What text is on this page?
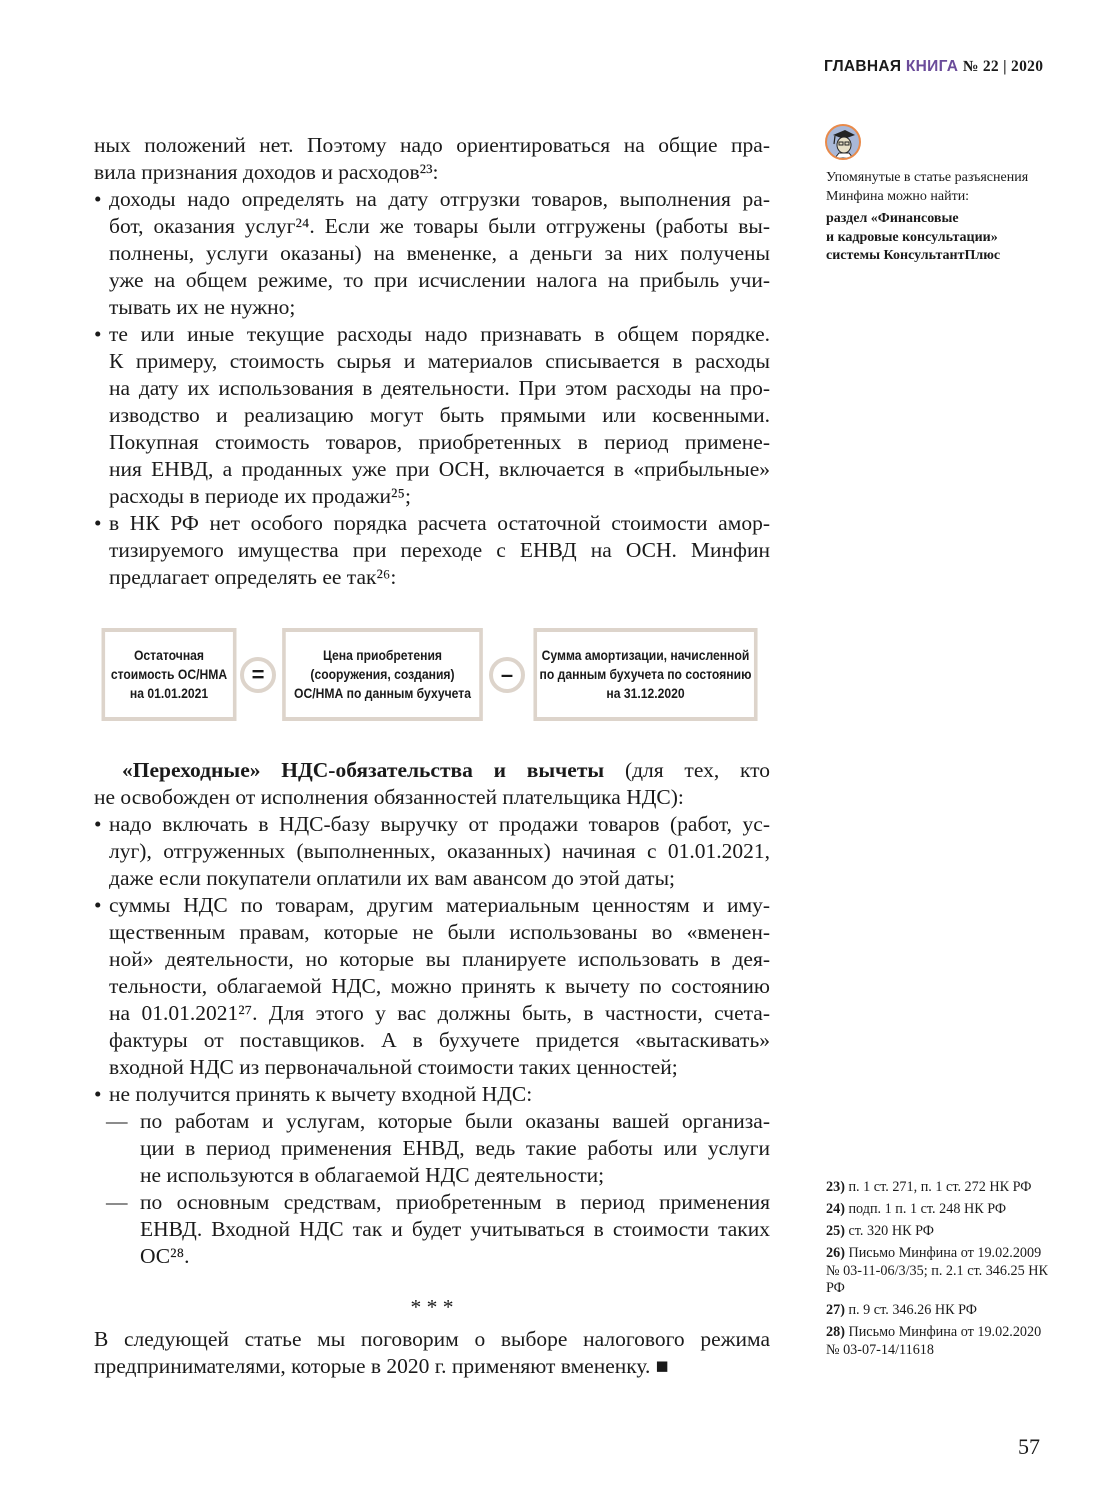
ГЛАВНАЯ КНИГА № 22 | 2020
Упомянутые в статье разъяснения Минфина можно найти:
раздел «Финансовые
и кадровые консультации»
системы КонсультантПлюс
ных положений нет. Поэтому надо ориентироваться на общие пра-
вила признания доходов и расходов²³:
• доходы надо определять на дату отгрузки товаров, выполнения ра-
бот, оказания услуг²⁴. Если же товары были отгружены (работы вы-
полнены, услуги оказаны) на вмененке, а деньги за них получены
уже на общем режиме, то при исчислении налога на прибыль учи-
тывать их не нужно;
• те или иные текущие расходы надо признавать в общем порядке.
К примеру, стоимость сырья и материалов списывается в расходы
на дату их использования в деятельности. При этом расходы на про-
изводство и реализацию могут быть прямыми или косвенными.
Покупная стоимость товаров, приобретенных в период примене-
ния ЕНВД, а проданных уже при ОСН, включается в «прибыльные»
расходы в периоде их продажи²⁵;
• в НК РФ нет особого порядка расчета остаточной стоимости амор-
тизируемого имущества при переходе с ЕНВД на ОСН. Минфин
предлагает определять ее так²⁶:
Остаточная
стоимость ОС/НМА
на 01.01.2021
=
Цена приобретения
(сооружения, создания)
ОС/НМА по данным бухучета
–
Сумма амортизации, начисленной
по данным бухучета по состоянию
на 31.12.2020
«Переходные» НДС-обязательства и вычеты (для тех, кто
не освобожден от исполнения обязанностей плательщика НДС):
• надо включать в НДС-базу выручку от продажи товаров (работ, ус-
луг), отгруженных (выполненных, оказанных) начиная с 01.01.2021,
даже если покупатели оплатили их вам авансом до этой даты;
• суммы НДС по товарам, другим материальным ценностям и иму-
щественным правам, которые не были использованы во «вменен-
ной» деятельности, но которые вы планируете использовать в дея-
тельности, облагаемой НДС, можно принять к вычету по состоянию
на 01.01.2021²⁷. Для этого у вас должны быть, в частности, счета-
фактуры от поставщиков. А в бухучете придется «вытаскивать»
входной НДС из первоначальной стоимости таких ценностей;
• не получится принять к вычету входной НДС:
— по работам и услугам, которые были оказаны вашей организа-
ции в период применения ЕНВД, ведь такие работы или услуги
не используются в облагаемой НДС деятельности;
— по основным средствам, приобретенным в период применения
ЕНВД. Входной НДС так и будет учитываться в стоимости таких
ОС²⁸.
* * *
В следующей статье мы поговорим о выборе налогового режима
предпринимателями, которые в 2020 г. применяют вмененку. ■
23) п. 1 ст. 271, п. 1 ст. 272 НК РФ
24) подп. 1 п. 1 ст. 248 НК РФ
25) ст. 320 НК РФ
26) Письмо Минфина от 19.02.2009 № 03-11-06/3/35; п. 2.1 ст. 346.25 НК РФ
27) п. 9 ст. 346.26 НК РФ
28) Письмо Минфина от 19.02.2020 № 03-07-14/11618
57
